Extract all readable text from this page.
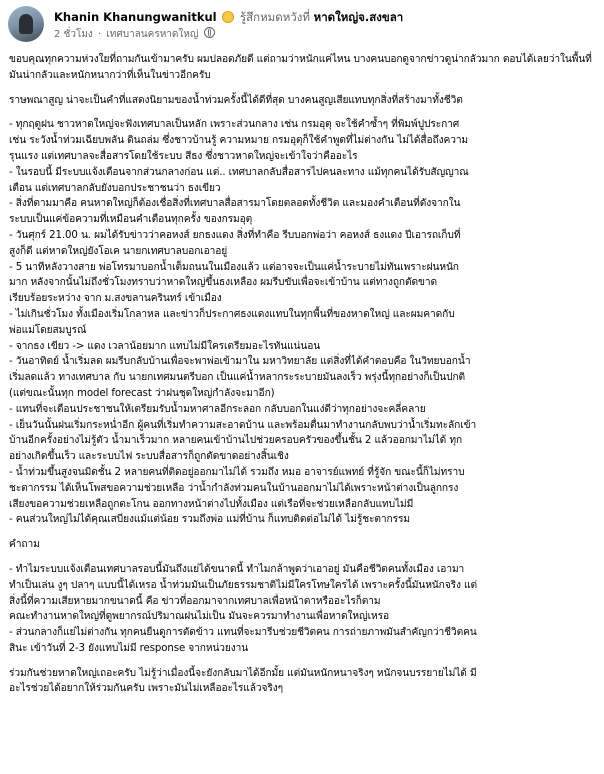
Khanin Khanungwanitkul รู้สึกหมดหวังที่ หาดใหญ่จ.สงขลา
2 ชั่วโมง · เทศบาลนครหาดใหญ่

ขอบคุณทุกความห่วงใยที่ถามกันเข้ามาครับ ผมปลอดภัยดี แต่ถามว่าหนักแค่ไหน บางคนบอกดูจากข่าวดูน่ากลัวมาก ตอบได้เลยว่าในพื้นที่มันน่ากลัวและหนักหนากว่าที่เห็นในข่าวอีกครับ

ราษพณาสูญ น่าจะเป็นคำที่แสดงนิยามของน้ำท่วมครั้งนี้ได้ดีที่สุด บางคนสูญเสียแทบทุกสิ่งที่สร้างมาทั้งชีวิต

- ทุกฤดูฝน ชาวหาดใหญ่จะฟังเทศบาลเป็นหลัก เพราะส่วนกลาง เช่น กรมอุตุ จะใช้คำซ้ำๆ ที่พิมพ์ปูประกาศ
เช่น ระวังน้ำท่วมเฉียบพลัน ดินถล่ม ซึ่งชาวบ้านรู้ ความหมาย กรมอุตุก็ใช้คำพูดที่ไม่ต่างกัน ไม่ได้สื่อถึงความ
รุนแรง แต่เทศบาลจะสื่อสารโดยใช้ระบบ สีธง ซึ่งชาวหาดใหญ่จะเข้าใจว่าคืออะไร

- ในรอบนี้ มีระบบแจ้งเตือนจากส่วนกลางก่อน แต่.. เทศบาลกลับสื่อสารไปคนละทาง แม้ทุกคนได้รับสัญญาณ
เตือน แต่เทศบาลกลับยังบอกประชาชนว่า ธงเขียว

- สิ่งที่ตามมาคือ คนหาดใหญ่ก็ต้องเชื่อสิ่งที่เทศบาลสื่อสารมาโดยตลอดทั้งชีวิต และมองคำเตือนที่ดังจากใน
ระบบเป็นแค่ข้อความที่เหมือนคำเตือนทุกครั้ง ของกรมอุตุ

- วันศุกร์ 21.00 น. ผมได้รับข่าวว่าคอหงส์ ยกธงแดง สิ่งที่ทำคือ รีบบอกพ่อว่า คอหงส์ ธงแดง ปีเอารถเก็บที่
สูงก็ดี แต่หาดใหญ่ยังโอเค นายกเทศบาลบอกเอาอยู่

- 5 นาทีหลังวางสาย พ่อโทรมาบอกน้ำเต็มถนนในเมืองแล้ว แต่อาจจะเป็นแค่น้ำระบายไม่ทันเพราะฝนหนัก
มาก หลังจากนั้นไม่ถึงชั่วโมงทราบว่าหาดใหญ่ขึ้นธงเหลือง ผมรีบขับเพื่อจะเข้าบ้าน แต่ทางถูกตัดขาด
เรียบร้อยระหว่าง จาก ม.สงขลานครินทร์ เข้าเมือง

- ไม่เกินชั่วโมง ทั้งเมืองเริ่มโกลาหล และข่าวก็ประกาศธงแดงแทบในทุกพื้นที่ของหาดใหญ่ และผมคาดกับ
พ่อแม่โดยสมบูรณ์

- จากธง เขียว -> แดง เวลาน้อยมาก แทบไม่มีใครเตรียมอะไรทันแน่นอน

- วันอาทิตย์ น้ำเริ่มลด ผมรีบกลับบ้านเพื่อจะพาพ่อเข้ามาใน มหาวิทยาลัย แต่สิ่งที่ได้คำตอบคือ ในวิทยบอกน้ำ
เริ่มลดแล้ว ทางเทศบาล กับ นายกเทศมนตรีบอก เป็นแค่น้ำหลากระระบายมันลงเร็ว พรุ่งนี้ทุกอย่างก็เป็นปกติ
(แต่ขณะนั้นทุก model forecast ว่าฝนชุดใหญ่กำลังจะมาอีก)

- แทนที่จะเตือนประชาชนให้เตรียมรับน้ำมหาศาลอีกระลอก กลับบอกในแง่ดีว่าทุกอย่างจะคลี่คลาย

- เย็นวันนั้นฝนเริ่มกระหน่ำอีก ผู้คนที่เริ่มทำความสะอาดบ้าน และพร้อมตื่นมาทำงานกลับพบว่าน้ำเริ่มทะลักเข้า
บ้านอีกครั้งอย่างไม่รู้ตัว น้ำมาเร็วมาก หลายคนเข้าบ้านไปช่วยครอบครัวของขึ้นชั้น 2 แล้วออกมาไม่ได้ ทุก
อย่างเกิดขึ้นเร็ว และระบบไฟ ระบบสื่อสารก็ถูกตัดขาดอย่างสิ้นเชิง

- น้ำท่วมขึ้นสูงจนมิดชั้น 2 หลายคนที่ติดอยู่ออกมาไม่ได้ รวมถึง หมอ อาจารย์แพทย์ ที่รู้จัก ขณะนี้ก็ไม่ทราบ
ชะตากรรม ได้เห็นโพสขอความช่วยเหลือ ว่าน้ำกำลังท่วมคนในบ้านออกมาไม่ได้เพราะหน้าต่างเป็นลูกกรง
เสียงขอความช่วยเหลือถูกตะโกน ออกทางหน้าต่างไปทั้งเมือง แต่เรือที่จะช่วยเหลือกลับแทบไม่มี

- คนส่วนใหญ่ไม่ได้คุณเสบียงแม้แต่น้อย รวมถึงพ่อ แม่ที่บ้าน ก็แทบติดต่อไม่ได้ ไม่รู้ชะตากรรม

คำถาม

- ทำไมระบบแจ้งเตือนเทศบาลรอบนี้มันถึงแย่ได้ขนาดนี้ ทำไมกล้าพูดว่าเอาอยู่ มันคือชีวิตคนทั้งเมือง เอามา
ทำเป็นเล่น งูๆ ปลาๆ แบบนี้ได้เหรอ น้ำท่วมมันเป็นภัยธรรมชาติไม่มีใครโทษใครได้ เพราะครั้งนี้มันหนักจริง แต่
สิ่งนี้ที่ความเสียหายมากขนาดนี้ คือ ข่าวที่ออกมาจากเทศบาลเพื่อหน้าตาหรืออะไรก็ตาม
คณะทำงานหาดใหญ่ที่ดูพยากรณ์ปริมาณฝนไม่เป็น มันจะควรมาทำงานเพื่อหาดใหญ่เหรอ

- ส่วนกลางก็แย่ไม่ต่างกัน ทุกคนยืนดูการตัดข้าว แทนที่จะมารีบช่วยชีวิตคน การถ่ายภาพมันสำคัญกว่าชีวิตคน
สินะ เข้าวันที่ 2-3 ยังแทบไม่มี response จากหน่วยงาน

ร่วมกันช่วยหาดใหญ่เถอะครับ ไม่รู้ว่าเมื่องนี้จะยังกลับมาได้อีกมั้ย แต่มันหนักหนาจริงๆ หนักจนบรรยายไม่ได้ มี
อะไรช่วยได้อยากให้ร่วมกันครับ เพราะมันไม่เหลืออะไรแล้วจริงๆ
